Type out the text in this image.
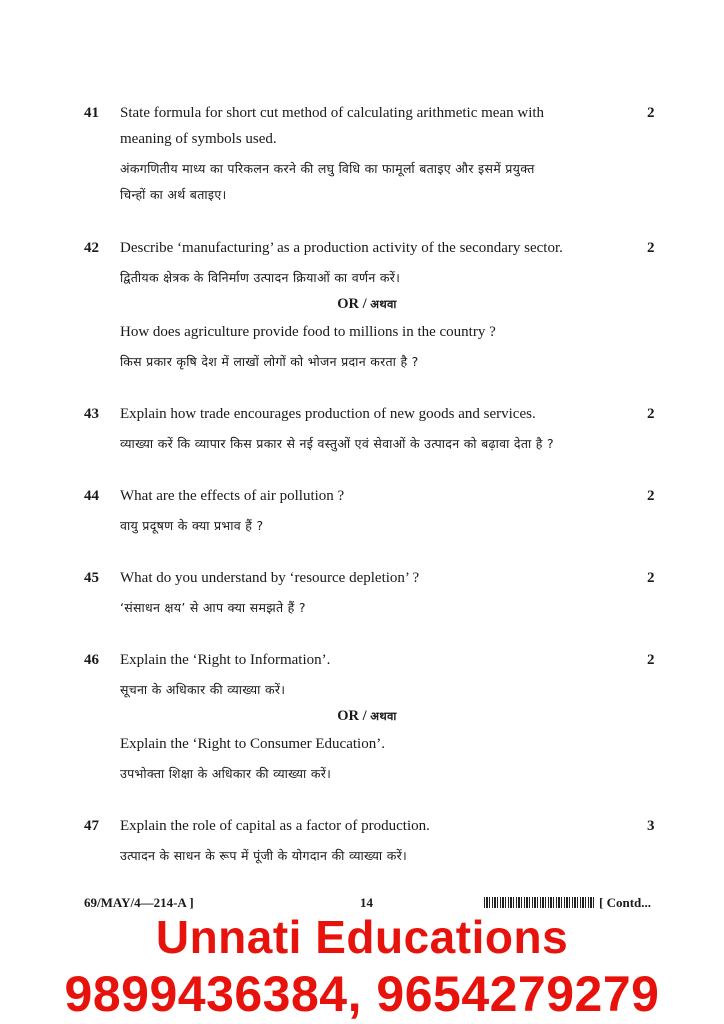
41 State formula for short cut method of calculating arithmetic mean with	2
meaning of symbols used.
अंकगणितीय माध्य का परिकलन करने की लघु विधि का फामूर्ला बताइए और इसमें प्रयुक्त
चिन्हों का अर्थ बताइए।
42 Describe ‘manufacturing’ as a production activity of the secondary sector.	2
द्वितीयक क्षेत्रक के विनिर्माण उत्पादन क्रियाओं का वर्णन करें।
OR / अथवा
How does agriculture provide food to millions in the country ?
किस प्रकार कृषि देश में लाखों लोगों को भोजन प्रदान करता है ?
43 Explain how trade encourages production of new goods and services.	2
व्याख्या करें कि व्यापार किस प्रकार से नई वस्तुओं एवं सेवाओं के उत्पादन को बढ़ावा देता है ?
44 What are the effects of air pollution ?	2
वायु प्रदूषण के क्या प्रभाव हैं ?
45 What do you understand by ‘resource depletion’ ?	2
‘संसाधन क्षय’ से आप क्या समझते हैं ?
46 Explain the ‘Right to Information’.	2
सूचना के अधिकार की व्याख्या करें।
OR / अथवा
Explain the ‘Right to Consumer Education’.
उपभोक्ता शिक्षा के अधिकार की व्याख्या करें।
47 Explain the role of capital as a factor of production.	3
उत्पादन के साधन के रूप में पूंजी के योगदान की व्याख्या करें।
69/MAY/4—214-A ]	14	[ Contd...
Unnati Educations
9899436384, 9654279279
